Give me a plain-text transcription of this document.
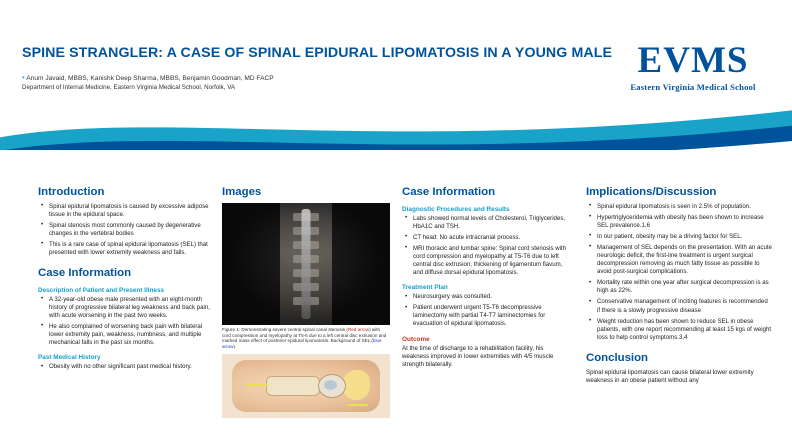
SPINE STRANGLER: A CASE OF SPINAL EPIDURAL LIPOMATOSIS IN A YOUNG MALE
• Anum Javaid, MBBS, Kanishk Deep Sharma, MBBS, Benjamin Goodman, MD FACP
Department of Internal Medicine, Eastern Virginia Medical School, Norfolk, VA
EVMS
Eastern Virginia Medical School
Introduction
• Spinal epidural lipomatosis is caused by excessive adipose tissue in the epidural space.
• Spinal stenosis most commonly caused by degenerative changes in the vertebral bodies
• This is a rare case of spinal epidural lipomatosis (SEL) that presented with lower extremity weakness and falls.
Case Information
Description of Patient and Present Illness
• A 32-year-old obese male presented with an eight-month history of progressive bilateral leg weakness and back pain, with acute worsening in the past two weeks.
• He also complained of worsening back pain with bilateral lower extremity pain, weakness, numbness, and multiple mechanical falls in the past six months.
Past Medical History
• Obesity with no other significant past medical history.
Images
Figure 1: Demonstrating severe central spinal canal stenosis (Red arrow) with cord compression and myelopathy at T5-6 due to a left central disc extrusion and marked mass effect of posterior epidural lipomatosis. Background of SEL (blue arrow).
Case Information
Diagnostic Procedures and Results
• Labs showed normal levels of Cholesterol, Triglycerides, HbA1C and TSH.
• CT head: No acute intracranial process.
• MRI thoracic and lumbar spine: Spinal cord stenosis with cord compression and myelopathy at T5-T6 due to left central disc extrusion, thickening of ligamentum flavum, and diffuse dorsal epidural lipomatosis.
Treatment Plan
• Neurosurgery was consulted.
• Patient underwent urgent T5-T6 decompressive laminectomy with partial T4-T7 laminectomies for evacuation of epidural lipomatosis.
Outcome

At the time of discharge to a rehabilitation facility, his weakness improved in lower extremities with 4/5 muscle strength bilaterally.

Implications/Discussion
• Spinal epidural lipomatosis is seen in 2.5% of population.
• Hypertriglyceridemia with obesity has been shown to increase SEL prevalence.1,6
• In our patient, obesity may be a driving factor for SEL.
• Management of SEL depends on the presentation. With an acute neurologic deficit, the first-line treatment is urgent surgical decompression removing as much fatty tissue as possible to avoid post-surgical complications.
• Mortality rate within one year after surgical decompression is as high as 22%.
• Conservative management of inciting features is recommended if there is a slowly progressive disease
• Weight reduction has been shown to reduce SEL in obese patients, with one report recommending at least 15 kgs of weight loss to help control symptoms.3,4
Conclusion

Spinal epidural lipomatosis can cause bilateral lower extremity weakness in an obese patient without any
